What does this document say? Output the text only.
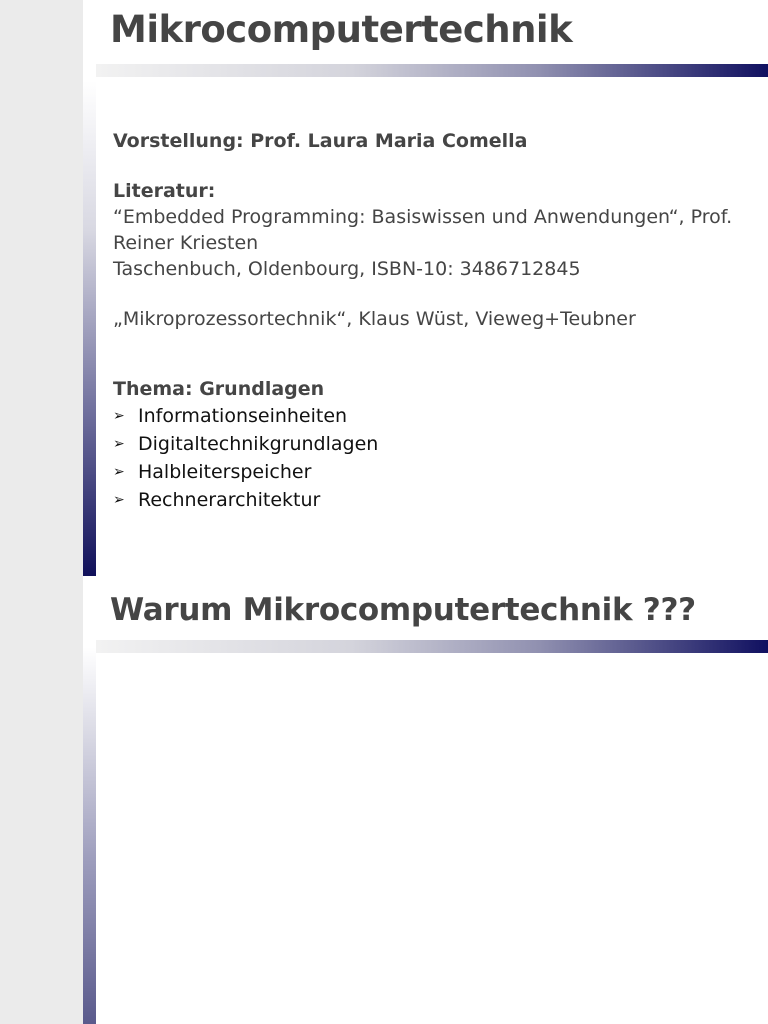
Mikrocomputertechnik

Vorstellung: Prof. Laura Maria Comella

Literatur:

“Embedded Programming: Basiswissen und Anwendungen“, Prof.

Reiner Kriesten

Taschenbuch, Oldenbourg, ISBN-10: 3486712845

„Mikroprozessortechnik“, Klaus Wüst, Vieweg+Teubner

Thema: Grundlagen

➢ Informationseinheiten
➢ Digitaltechnikgrundlagen
➢ Halbleiterspeicher
➢ Rechnerarchitektur
Warum Mikrocomputertechnik ???
